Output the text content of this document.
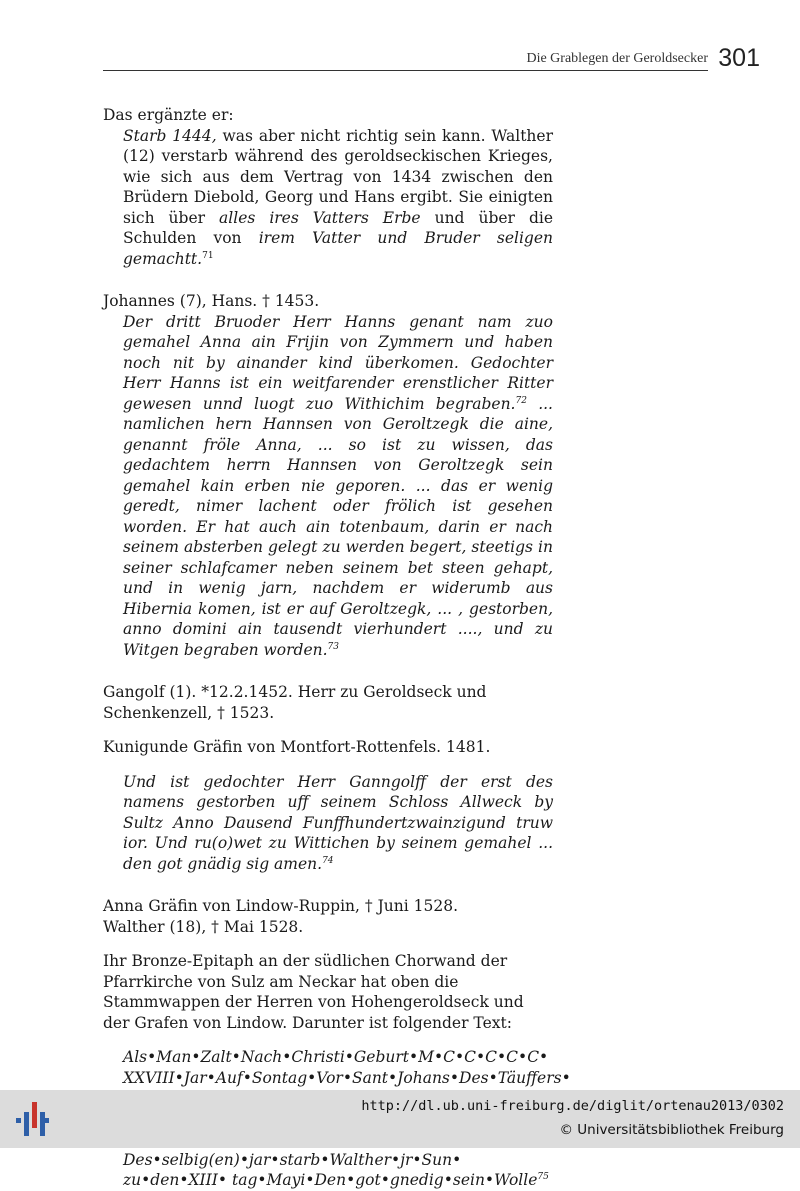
Die Grablegen der Geroldsecker 301

Das ergänzte er:

Starb 1444, was aber nicht richtig sein kann. Walther (12) verstarb während des geroldseckischen Krieges, wie sich aus dem Vertrag von 1434 zwischen den Brüdern Diebold, Georg und Hans ergibt. Sie einigten sich über alles ires Vatters Erbe und über die Schulden von irem Vatter und Bruder seligen gemachtt.$^{71}$

Johannes (7), Hans. † 1453.

Der dritt Bruoder Herr Hanns genant nam zuo gemahel Anna ain Frijin von Zymmern und haben noch nit by ainander kind überkomen. Gedochter Herr Hanns ist ein weitfarender erenstlicher Ritter gewesen unnd luogt zuo Withichim begraben.$^{72}$ ... namlichen hern Hannsen von Geroltzegk die aine, genannt fröle Anna, ... so ist zu wissen, das gedachtem herrn Hannsen von Geroltzegk sein gemahel kain erben nie geporen. ... das er wenig geredt, nimer lachent oder frölich ist gesehen worden. Er hat auch ain totenbaum, darin er nach seinem absterben gelegt zu werden begert, steetigs in seiner schlafcamer neben seinem bet steen gehapt, und in wenig jarn, nachdem er widerumb aus Hibernia komen, ist er auf Geroltzegk, ... , gestorben, anno domini ain tausendt vierhundert ...., und zu Witgen begraben worden.$^{73}$

Gangolf (1). *12.2.1452. Herr zu Geroldseck und Schenkenzell, † 1523.

Kunigunde Gräfin von Montfort-Rottenfels. 1481.

Und ist gedochter Herr Ganngolff der erst des namens gestorben uff seinem Schloss Allweck by Sultz Anno Dausend Funffhundertzwainzigund truw ior. Und ru(o)wet zu Wittichen by seinem gemahel ... den got gnädig sig amen.$^{74}$

Anna Gräfin von Lindow-Ruppin, † Juni 1528.

Walther (18), † Mai 1528.

Ihr Bronze-Epitaph an der südlichen Chorwand der Pfarrkirche von Sulz am Neckar hat oben die Stammwappen der Herren von Hohengeroldseck und der Grafen von Lindow. Darunter ist folgender Text:

Als•Man•Zalt•Nach•Christi•Geburt•M•C•C•C•C•C•
XXVIII•Jar•Auf•Sontag•Vor•Sant•Johans•Des•Täuffers•
Des•selbig(en)•jar•starb•Walther•jr•Sun•
zu•den•XIII• tag•Mayi•Den•got•gnedig•sein•Wolle$^{75}$
http://dl.ub.uni-freiburg.de/diglit/ortenau2013/0302
© Universitätsbibliothek Freiburg
